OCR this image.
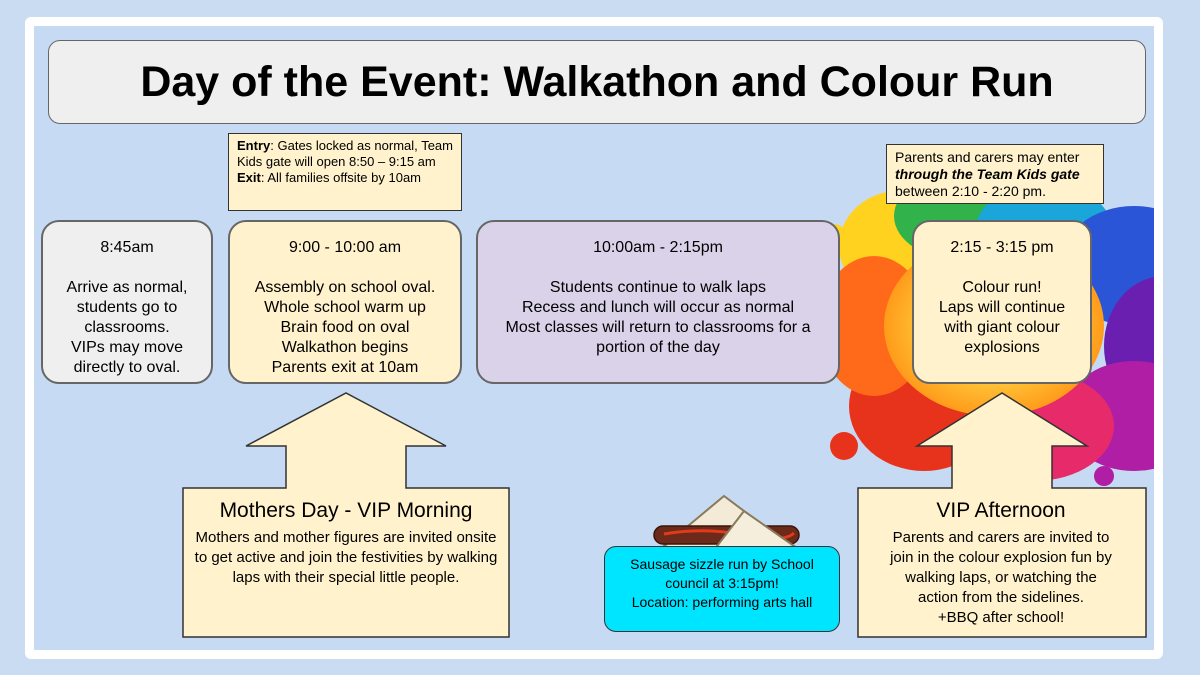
Day of the Event: Walkathon and Colour Run
Entry: Gates locked as normal, Team Kids gate will open 8:50 – 9:15 am
Exit: All families offsite by 10am
Parents and carers may enter
through the Team Kids gate
between 2:10 - 2:20 pm.
8:45am
Arrive as normal,
students go to
classrooms.
VIPs may move
directly to oval.
9:00 - 10:00 am
Assembly on school oval.
Whole school warm up
Brain food on oval
Walkathon begins
Parents exit at 10am
10:00am - 2:15pm
Students continue to walk laps
Recess and lunch will occur as normal
Most classes will return to classrooms for a
portion of the day
2:15 - 3:15 pm
Colour run!
Laps will continue
with giant colour
explosions
Mothers Day - VIP Morning
Mothers and mother figures are invited onsite to get active and join the festivities by walking laps with their special little people.
VIP Afternoon
Parents and carers are invited to
join in the colour explosion fun by
walking laps, or watching the
action from the sidelines.
+BBQ after school!
Sausage sizzle run by School
council at 3:15pm!
Location: performing arts hall
